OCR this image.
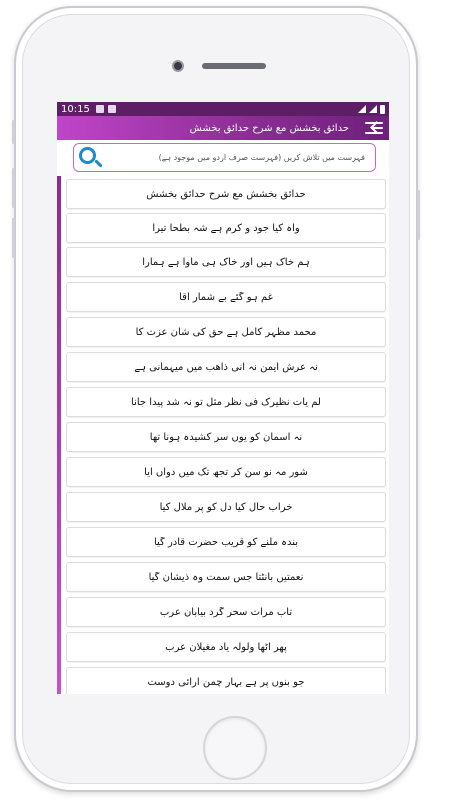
10:15
حدائق بخشش مع شرح حدائق بخشش
فہرست میں تلاش کریں (فہرست صرف اردو میں موجود ہے)
حدائق بخشش مع شرح حدائق بخشش
واہ کیا جود و کرم ہے شہ بطحا تیرا
ہم خاک ہیں اور خاک ہی ماوا ہے ہمارا
غم ہو گئے بے شمار آقا
محمد مظہر کامل ہے حق کی شان عزت کا
نہ عرش ایمن نہ انی ذاھب میں میہمانی ہے
لم یات نظیرک فی نظر مثل تو نہ شد پیدا جانا
نہ آسمان کو یوں سر کشیدہ ہونا تھا
شور مہ نو سن کر تجھ تک میں دواں آیا
خراب حال کیا دل کو پر ملال کیا
بندہ ملنے کو قریب حضرت قادر گیا
نعمتیں بانٹتا جس سمت وہ ذیشان گیا
تاب مرآت سحر گرد بیابان عرب
پھر اٹھا ولولہ یاد مغیلان عرب
جو بنوں پر ہے بہار چمن آرائی دوست
